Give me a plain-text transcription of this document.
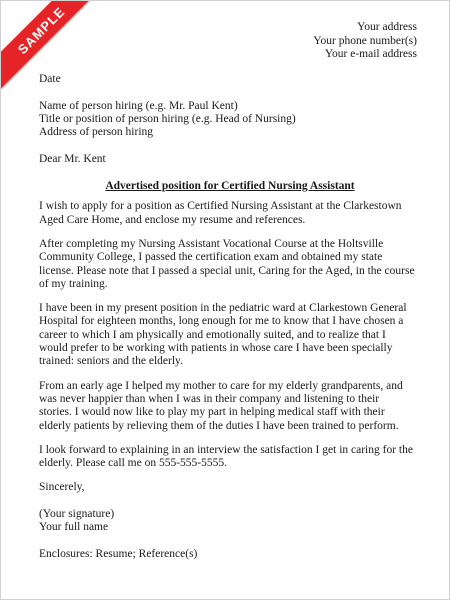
SAMPLE	Your address
Your phone number(s)
Your e-mail address
Date
Name of person hiring (e.g. Mr. Paul Kent)
Title or position of person hiring (e.g. Head of Nursing)
Address of person hiring
Dear Mr. Kent
Advertised position for Certified Nursing Assistant
I wish to apply for a position as Certified Nursing Assistant at the Clarkestown
Aged Care Home, and enclose my resume and references.
After completing my Nursing Assistant Vocational Course at the Holtsville
Community College, I passed the certification exam and obtained my state
license. Please note that I passed a special unit, Caring for the Aged, in the course
of my training.
I have been in my present position in the pediatric ward at Clarkestown General
Hospital for eighteen months, long enough for me to know that I have chosen a
career to which I am physically and emotionally suited, and to realize that I
would prefer to be working with patients in whose care I have been specially
trained: seniors and the elderly.
From an early age I helped my mother to care for my elderly grandparents, and
was never happier than when I was in their company and listening to their
stories. I would now like to play my part in helping medical staff with their
elderly patients by relieving them of the duties I have been trained to perform.
I look forward to explaining in an interview the satisfaction I get in caring for the
elderly. Please call me on 555-555-5555.
Sincerely,
(Your signature)
Your full name
Enclosures: Resume; Reference(s)
